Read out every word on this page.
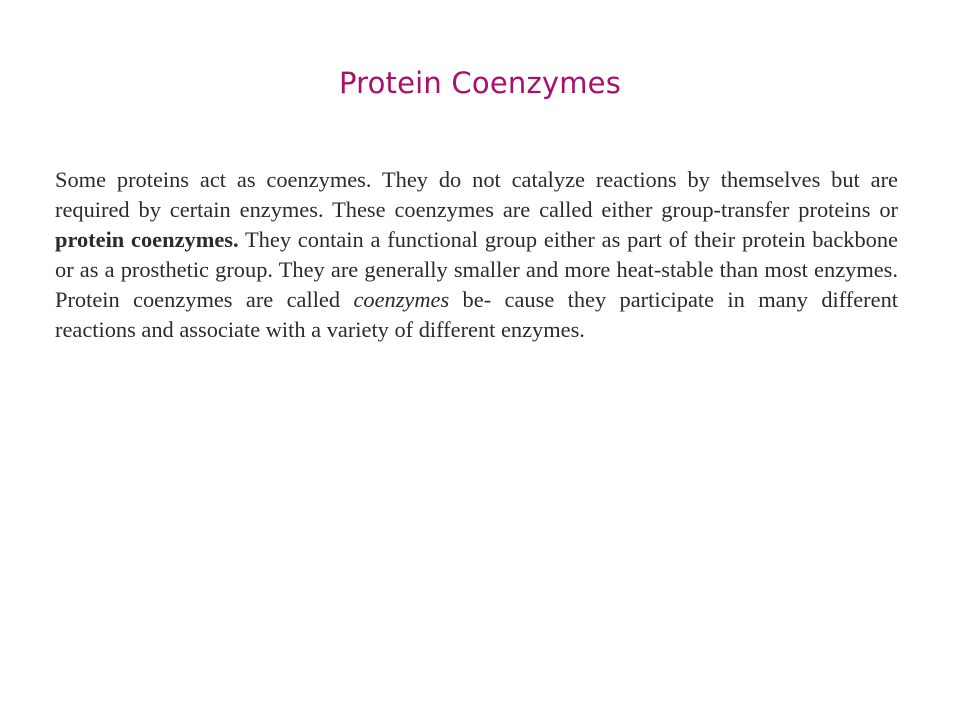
Protein Coenzymes

Some proteins act as coenzymes. They do not catalyze reactions by themselves but are required by certain enzymes. These coenzymes are called either group-transfer proteins or protein coenzymes. They contain a functional group either as part of their protein backbone or as a prosthetic group. They are generally smaller and more heat-stable than most enzymes. Protein coenzymes are called coenzymes be- cause they participate in many different reactions and associate with a variety of different enzymes.
